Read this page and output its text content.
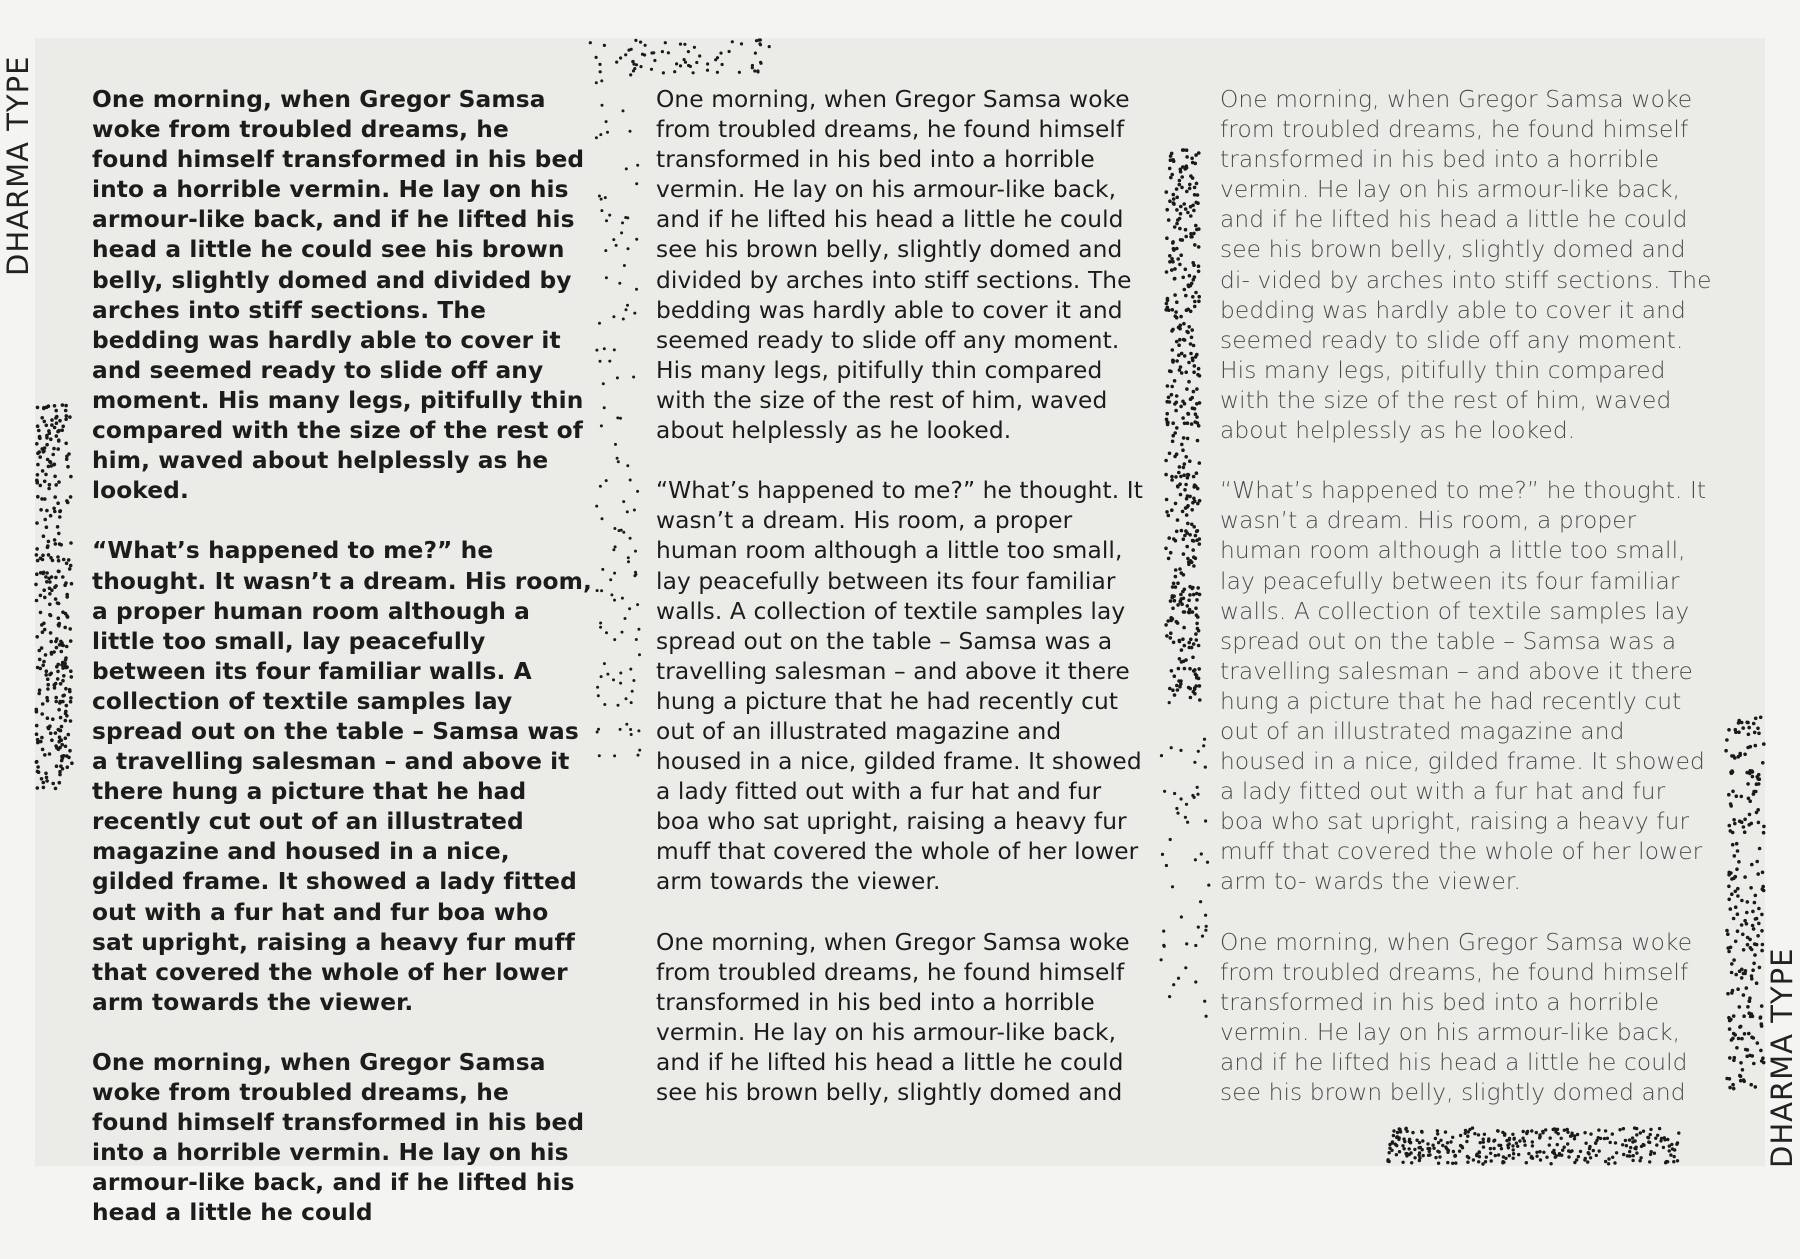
DHARMA TYPE
DHARMA TYPE

One morning, when Gregor Samsa woke from troubled dreams, he found himself transformed in his bed into a horrible vermin. He lay on his armour-like back, and if he lifted his head a little he could see his brown belly, slightly domed and divided by arches into stiff sections. The bedding was hardly able to cover it and seemed ready to slide off any moment. His many legs, pitifully thin compared with the size of the rest of him, waved about helplessly as he looked.

“What’s happened to me?” he thought. It wasn’t a dream. His room, a proper human room although a little too small, lay peacefully between its four familiar walls. A collection of textile samples lay spread out on the table – Samsa was a travelling salesman – and above it there hung a picture that he had recently cut out of an illustrated magazine and housed in a nice, gilded frame. It showed a lady fitted out with a fur hat and fur boa who sat upright, raising a heavy fur muff that covered the whole of her lower arm towards the viewer.

One morning, when Gregor Samsa woke from troubled dreams, he found himself transformed in his bed into a horrible vermin. He lay on his armour-like back, and if he lifted his head a little he could

One morning, when Gregor Samsa woke from troubled dreams, he found himself transformed in his bed into a horrible vermin. He lay on his armour-like back, and if he lifted his head a little he could see his brown belly, slightly domed and divided by arches into stiff sections. The bedding was hardly able to cover it and seemed ready to slide off any moment. His many legs, pitifully thin compared with the size of the rest of him, waved about helplessly as he looked.

“What’s happened to me?” he thought. It wasn’t a dream. His room, a proper human room although a little too small, lay peacefully between its four familiar walls. A collection of textile samples lay spread out on the table – Samsa was a travelling salesman – and above it there hung a picture that he had recently cut out of an illustrated magazine and housed in a nice, gilded frame. It showed a lady fitted out with a fur hat and fur boa who sat upright, raising a heavy fur muff that covered the whole of her lower arm towards the viewer.

One morning, when Gregor Samsa woke from troubled dreams, he found himself transformed in his bed into a horrible vermin. He lay on his armour-like back, and if he lifted his head a little he could see his brown belly, slightly domed and

One morning, when Gregor Samsa woke from troubled dreams, he found himself transformed in his bed into a horrible vermin. He lay on his armour-like back, and if he lifted his head a little he could see his brown belly, slightly domed and di- vided by arches into stiff sections. The bedding was hardly able to cover it and seemed ready to slide off any moment. His many legs, pitifully thin compared with the size of the rest of him, waved about helplessly as he looked.

“What’s happened to me?” he thought. It wasn’t a dream. His room, a proper human room although a little too small, lay peacefully between its four familiar walls. A collection of textile samples lay spread out on the table – Samsa was a travelling salesman – and above it there hung a picture that he had recently cut out of an illustrated magazine and housed in a nice, gilded frame. It showed a lady fitted out with a fur hat and fur boa who sat upright, raising a heavy fur muff that covered the whole of her lower arm to- wards the viewer.

One morning, when Gregor Samsa woke from troubled dreams, he found himself transformed in his bed into a horrible vermin. He lay on his armour-like back, and if he lifted his head a little he could see his brown belly, slightly domed and
